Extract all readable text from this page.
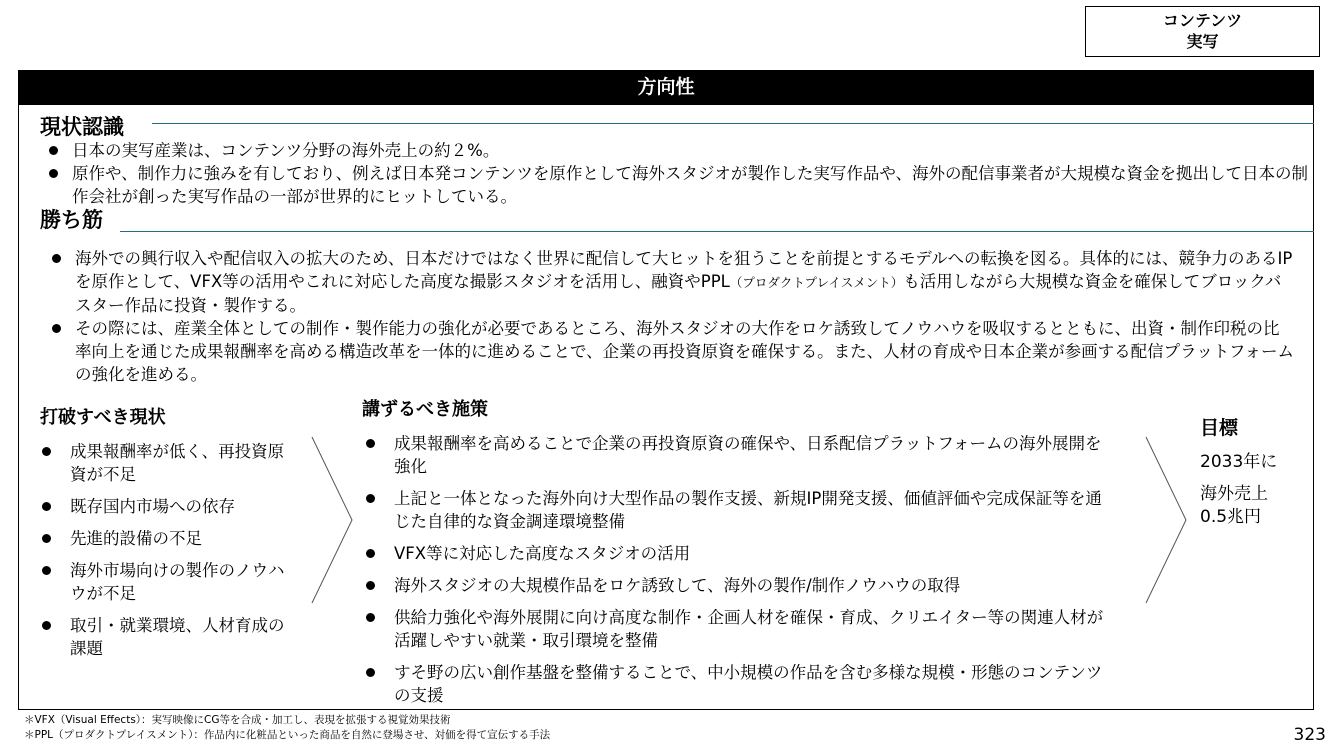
コンテンツ
実写
方向性
現状認識
日本の実写産業は、コンテンツ分野の海外売上の約２%。
原作や、制作力に強みを有しており、例えば日本発コンテンツを原作として海外スタジオが製作した実写作品や、海外の配信事業者が大規模な資金を拠出して日本の制作会社が創った実写作品の一部が世界的にヒットしている。
勝ち筋
海外での興行収入や配信収入の拡大のため、日本だけではなく世界に配信して大ヒットを狙うことを前提とするモデルへの転換を図る。具体的には、競争力のあるIPを原作として、VFX等の活用やこれに対応した高度な撮影スタジオを活用し、融資やPPL（プロダクトプレイスメント）も活用しながら大規模な資金を確保してブロックバスター作品に投資・製作する。
その際には、産業全体としての制作・製作能力の強化が必要であるところ、海外スタジオの大作をロケ誘致してノウハウを吸収するとともに、出資・制作印税の比率向上を通じた成果報酬率を高める構造改革を一体的に進めることで、企業の再投資原資を確保する。また、人材の育成や日本企業が参画する配信プラットフォームの強化を進める。
打破すべき現状
成果報酬率が低く、再投資原資が不足
既存国内市場への依存
先進的設備の不足
海外市場向けの製作のノウハウが不足
取引・就業環境、人材育成の課題
講ずるべき施策
成果報酬率を高めることで企業の再投資原資の確保や、日系配信プラットフォームの海外展開を強化
上記と一体となった海外向け大型作品の製作支援、新規IP開発支援、価値評価や完成保証等を通じた自律的な資金調達環境整備
VFX等に対応した高度なスタジオの活用
海外スタジオの大規模作品をロケ誘致して、海外の製作/制作ノウハウの取得
供給力強化や海外展開に向け高度な制作・企画人材を確保・育成、クリエイター等の関連人材が活躍しやすい就業・取引環境を整備
すそ野の広い創作基盤を整備することで、中小規模の作品を含む多様な規模・形態のコンテンツの支援
目標
2033年に
海外売上
0.5兆円
＊VFX（Visual Effects）：実写映像にCG等を合成・加工し、表現を拡張する視覚効果技術
＊PPL（プロダクトプレイスメント）：作品内に化粧品といった商品を自然に登場させ、対価を得て宣伝する手法	323
